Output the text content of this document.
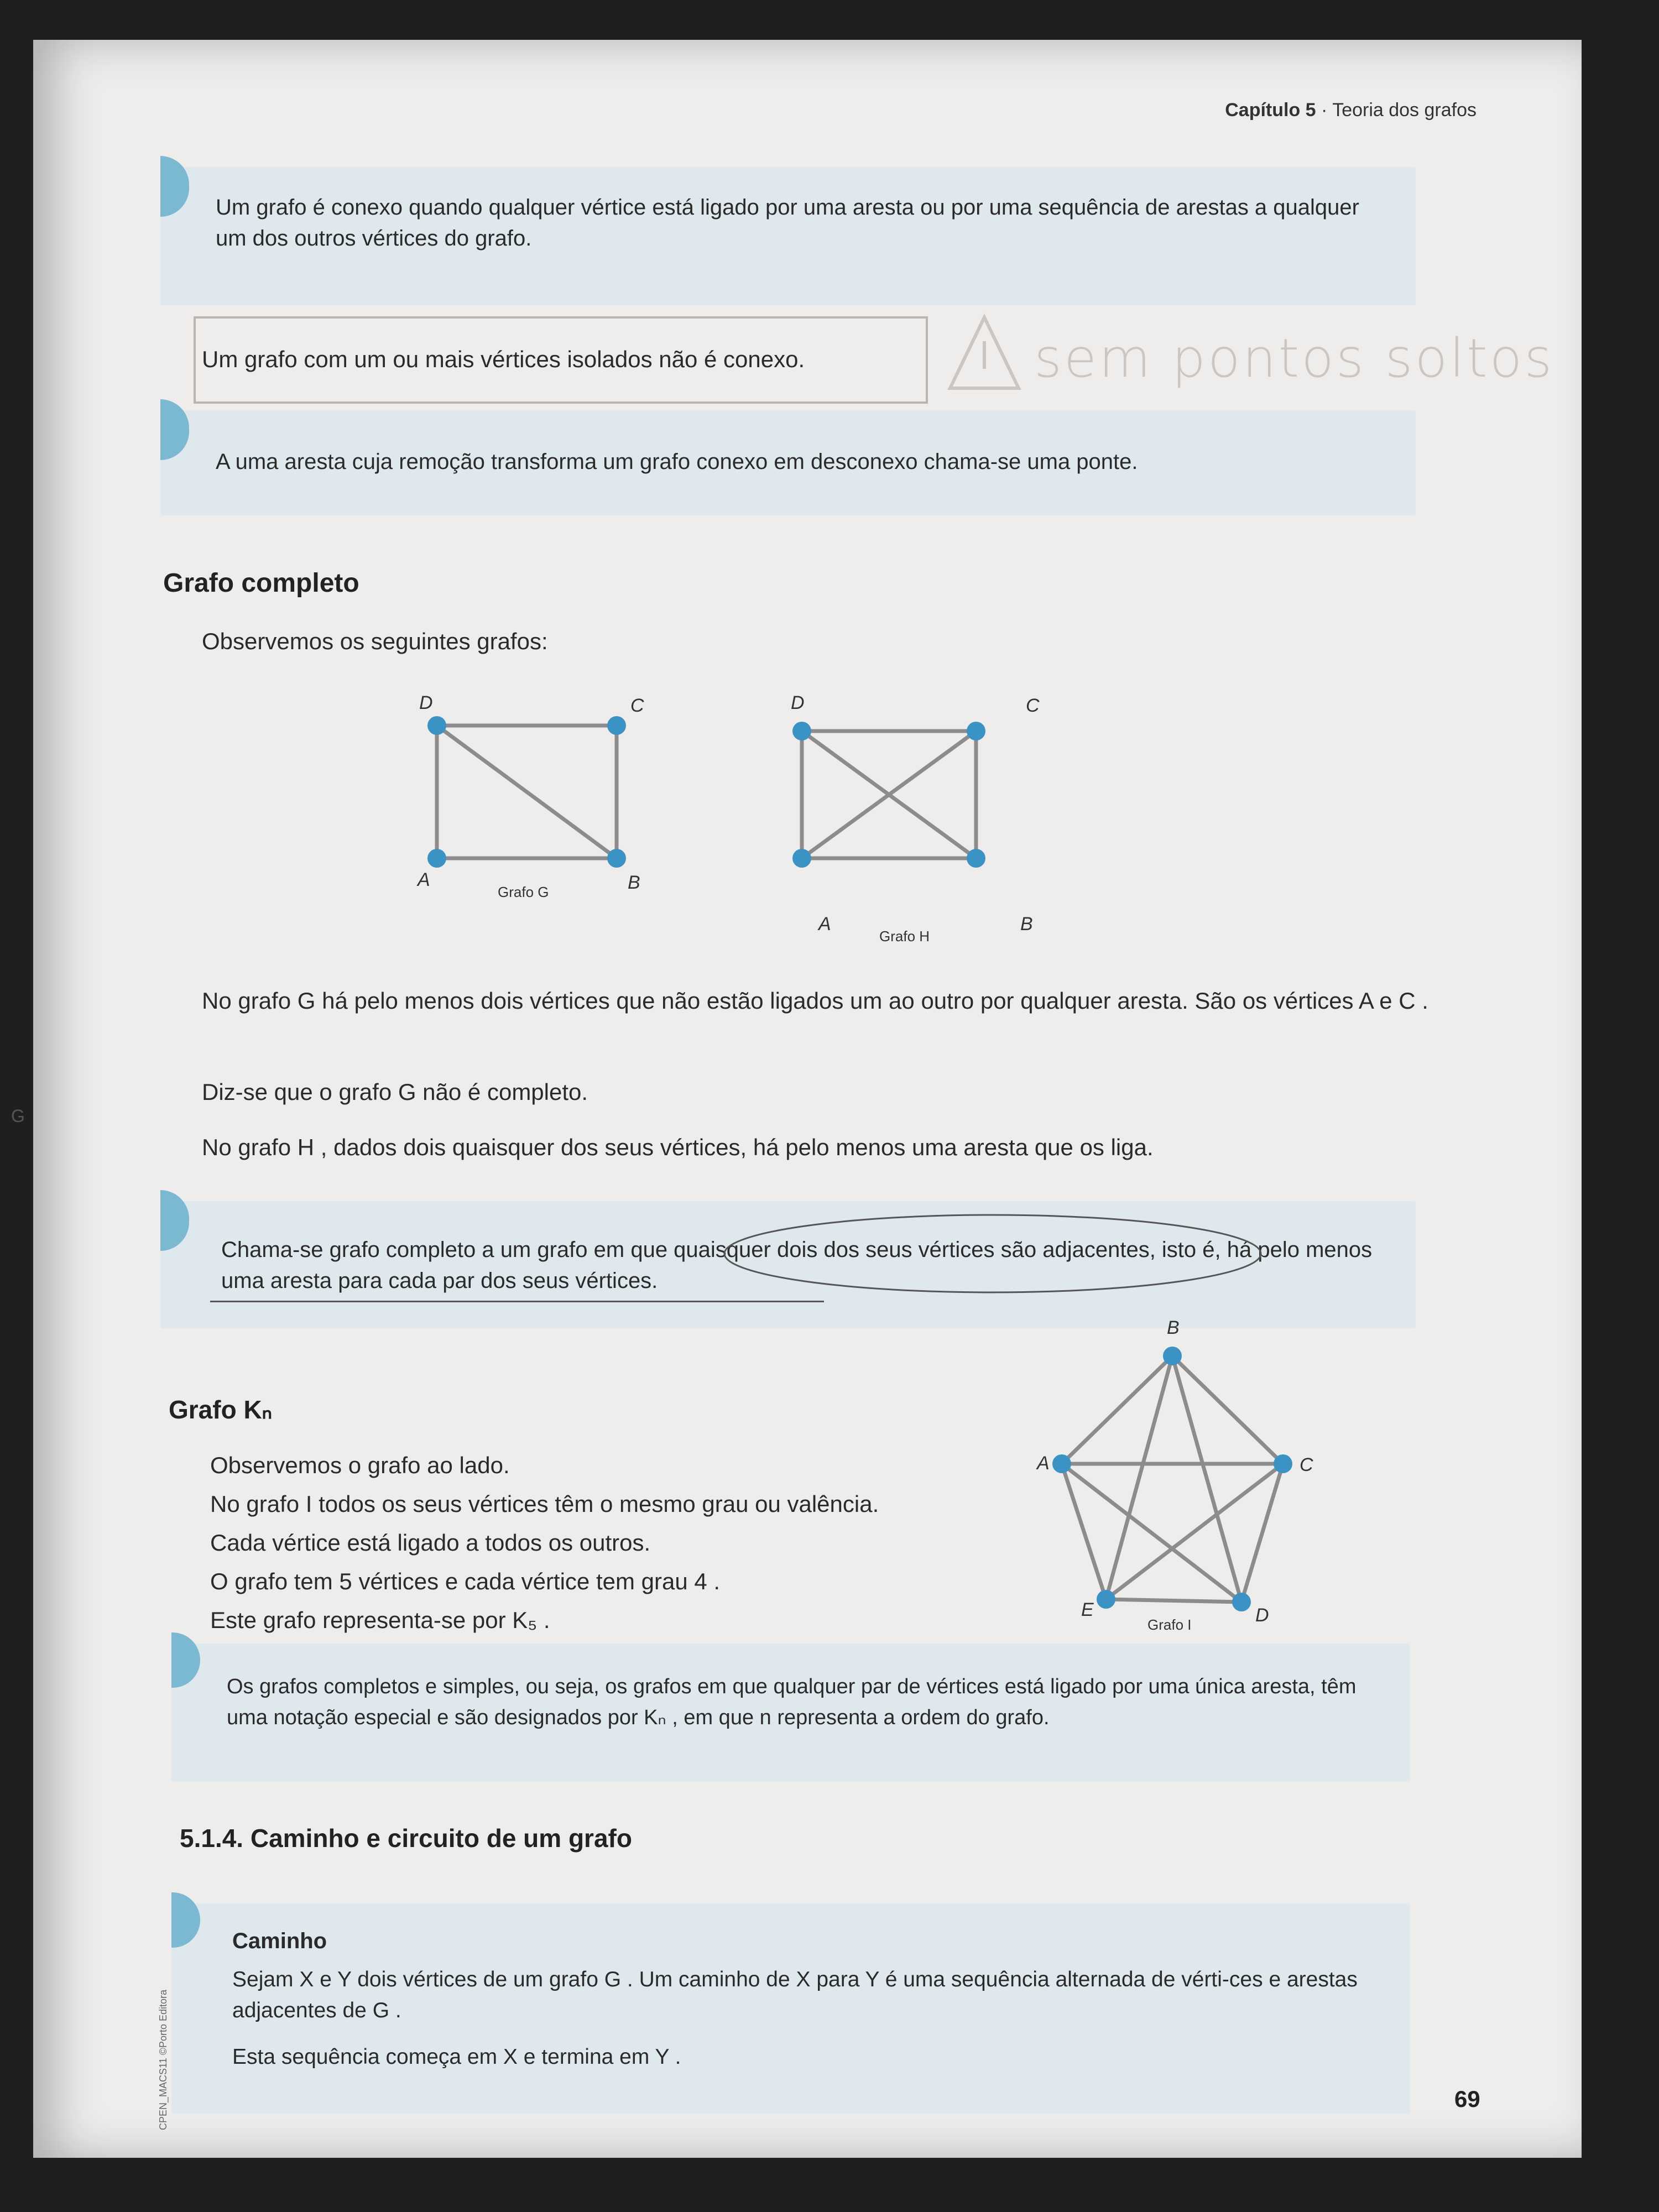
Capítulo 5 · Teoria dos grafos
Um grafo é conexo quando qualquer vértice está ligado por uma aresta ou por uma sequência de arestas a qualquer um dos outros vértices do grafo.
Um grafo com um ou mais vértices isolados não é conexo.	sem pontos soltos
A uma aresta cuja remoção transforma um grafo conexo em desconexo chama-se uma ponte.
Grafo completo
Observemos os seguintes grafos:
D	C
A	B
Grafo G
D	C
A	B
Grafo H
No grafo G há pelo menos dois vértices que não estão ligados um ao outro por qualquer aresta. São os vértices A e C .
Diz-se que o grafo G não é completo.
No grafo H , dados dois quaisquer dos seus vértices, há pelo menos uma aresta que os liga.
Chama-se grafo completo a um grafo em que quaisquer dois dos seus vértices são adjacentes, isto é, há pelo menos uma aresta para cada par dos seus vértices.
Grafo Kₙ
Observemos o grafo ao lado.
No grafo I todos os seus vértices têm o mesmo grau ou valência.
Cada vértice está ligado a todos os outros.
O grafo tem 5 vértices e cada vértice tem grau 4 .
Este grafo representa-se por K₅ .
B
A	C
E	D
Grafo I
Os grafos completos e simples, ou seja, os grafos em que qualquer par de vértices está ligado por uma única aresta, têm uma notação especial e são designados por Kₙ , em que n representa a ordem do grafo.
5.1.4. Caminho e circuito de um grafo
Caminho
Sejam X e Y dois vértices de um grafo G . Um caminho de X para Y é uma sequência alternada de vérti-ces e arestas adjacentes de G .
Esta sequência começa em X e termina em Y .
69
CPEN_MACS11 ©Porto Editora
G
